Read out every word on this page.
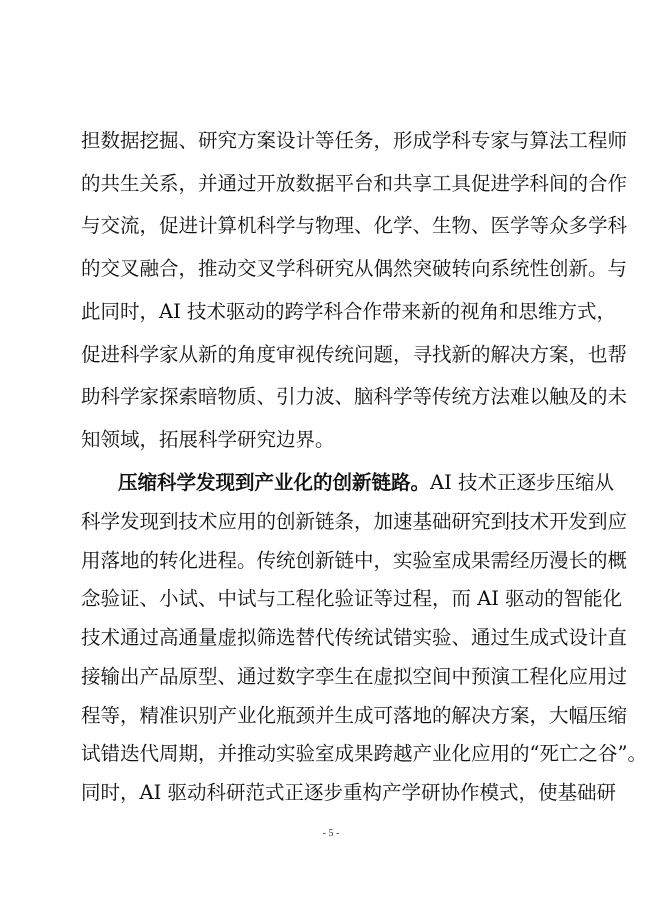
担数据挖掘、研究方案设计等任务，形成学科专家与算法工程师
的共生关系，并通过开放数据平台和共享工具促进学科间的合作
与交流，促进计算机科学与物理、化学、生物、医学等众多学科
的交叉融合，推动交叉学科研究从偶然突破转向系统性创新。与
此同时，AI 技术驱动的跨学科合作带来新的视角和思维方式，
促进科学家从新的角度审视传统问题，寻找新的解决方案，也帮
助科学家探索暗物质、引力波、脑科学等传统方法难以触及的未
知领域，拓展科学研究边界。
压缩科学发现到产业化的创新链路。AI 技术正逐步压缩从
科学发现到技术应用的创新链条，加速基础研究到技术开发到应
用落地的转化进程。传统创新链中，实验室成果需经历漫长的概
念验证、小试、中试与工程化验证等过程，而 AI 驱动的智能化
技术通过高通量虚拟筛选替代传统试错实验、通过生成式设计直
接输出产品原型、通过数字孪生在虚拟空间中预演工程化应用过
程等，精准识别产业化瓶颈并生成可落地的解决方案，大幅压缩
试错迭代周期，并推动实验室成果跨越产业化应用的“死亡之谷”。
同时，AI 驱动科研范式正逐步重构产学研协作模式，使基础研
- 5 -
